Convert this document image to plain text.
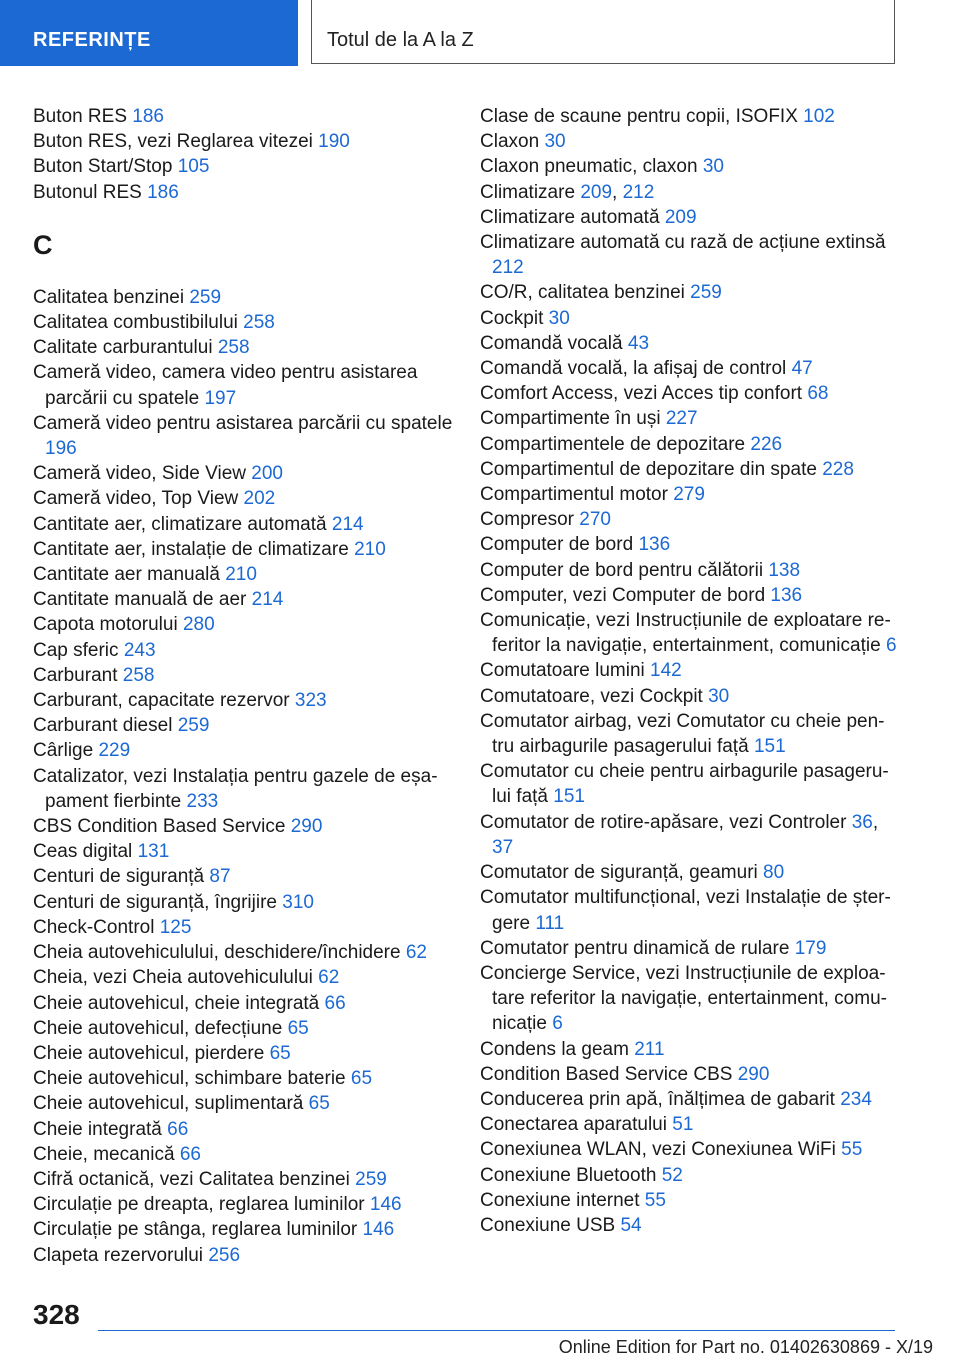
REFERINȚE	Totul de la A la Z
Buton RES 186
Buton RES, vezi Reglarea vitezei 190
Buton Start/Stop 105
Butonul RES 186
C
Calitatea benzinei 259
Calitatea combustibilului 258
Calitate carburantului 258
Cameră video, camera video pentru asistarea parcării cu spatele 197
Cameră video pentru asistarea parcării cu spatele 196
Cameră video, Side View 200
Cameră video, Top View 202
Cantitate aer, climatizare automată 214
Cantitate aer, instalație de climatizare 210
Cantitate aer manuală 210
Cantitate manuală de aer 214
Capota motorului 280
Cap sferic 243
Carburant 258
Carburant, capacitate rezervor 323
Carburant diesel 259
Cârlige 229
Catalizator, vezi Instalația pentru gazele de eșapament fierbinte 233
CBS Condition Based Service 290
Ceas digital 131
Centuri de siguranță 87
Centuri de siguranță, îngrijire 310
Check-Control 125
Cheia autovehiculului, deschidere/închidere 62
Cheia, vezi Cheia autovehiculului 62
Cheie autovehicul, cheie integrată 66
Cheie autovehicul, defecțiune 65
Cheie autovehicul, pierdere 65
Cheie autovehicul, schimbare baterie 65
Cheie autovehicul, suplimentară 65
Cheie integrată 66
Cheie, mecanică 66
Cifră octanică, vezi Calitatea benzinei 259
Circulație pe dreapta, reglarea luminilor 146
Circulație pe stânga, reglarea luminilor 146
Clapeta rezervorului 256
Clase de scaune pentru copii, ISOFIX 102
Claxon 30
Claxon pneumatic, claxon 30
Climatizare 209, 212
Climatizare automată 209
Climatizare automată cu rază de acțiune extinsă 212
CO/R, calitatea benzinei 259
Cockpit 30
Comandă vocală 43
Comandă vocală, la afișaj de control 47
Comfort Access, vezi Acces tip confort 68
Compartimente în uși 227
Compartimentele de depozitare 226
Compartimentul de depozitare din spate 228
Compartimentul motor 279
Compresor 270
Computer de bord 136
Computer de bord pentru călătorii 138
Computer, vezi Computer de bord 136
Comunicație, vezi Instrucțiunile de exploatare referitor la navigație, entertainment, comunicație 6
Comutatoare lumini 142
Comutatoare, vezi Cockpit 30
Comutator airbag, vezi Comutator cu cheie pentru airbagurile pasagerului față 151
Comutator cu cheie pentru airbagurile pasagerului față 151
Comutator de rotire-apăsare, vezi Controler 36, 37
Comutator de siguranță, geamuri 80
Comutator multifuncțional, vezi Instalație de ștergere 111
Comutator pentru dinamică de rulare 179
Concierge Service, vezi Instrucțiunile de exploatare referitor la navigație, entertainment, comunicație 6
Condens la geam 211
Condition Based Service CBS 290
Conducerea prin apă, înălțimea de gabarit 234
Conectarea aparatului 51
Conexiunea WLAN, vezi Conexiunea WiFi 55
Conexiune Bluetooth 52
Conexiune internet 55
Conexiune USB 54
328
Online Edition for Part no. 01402630869 - X/19
